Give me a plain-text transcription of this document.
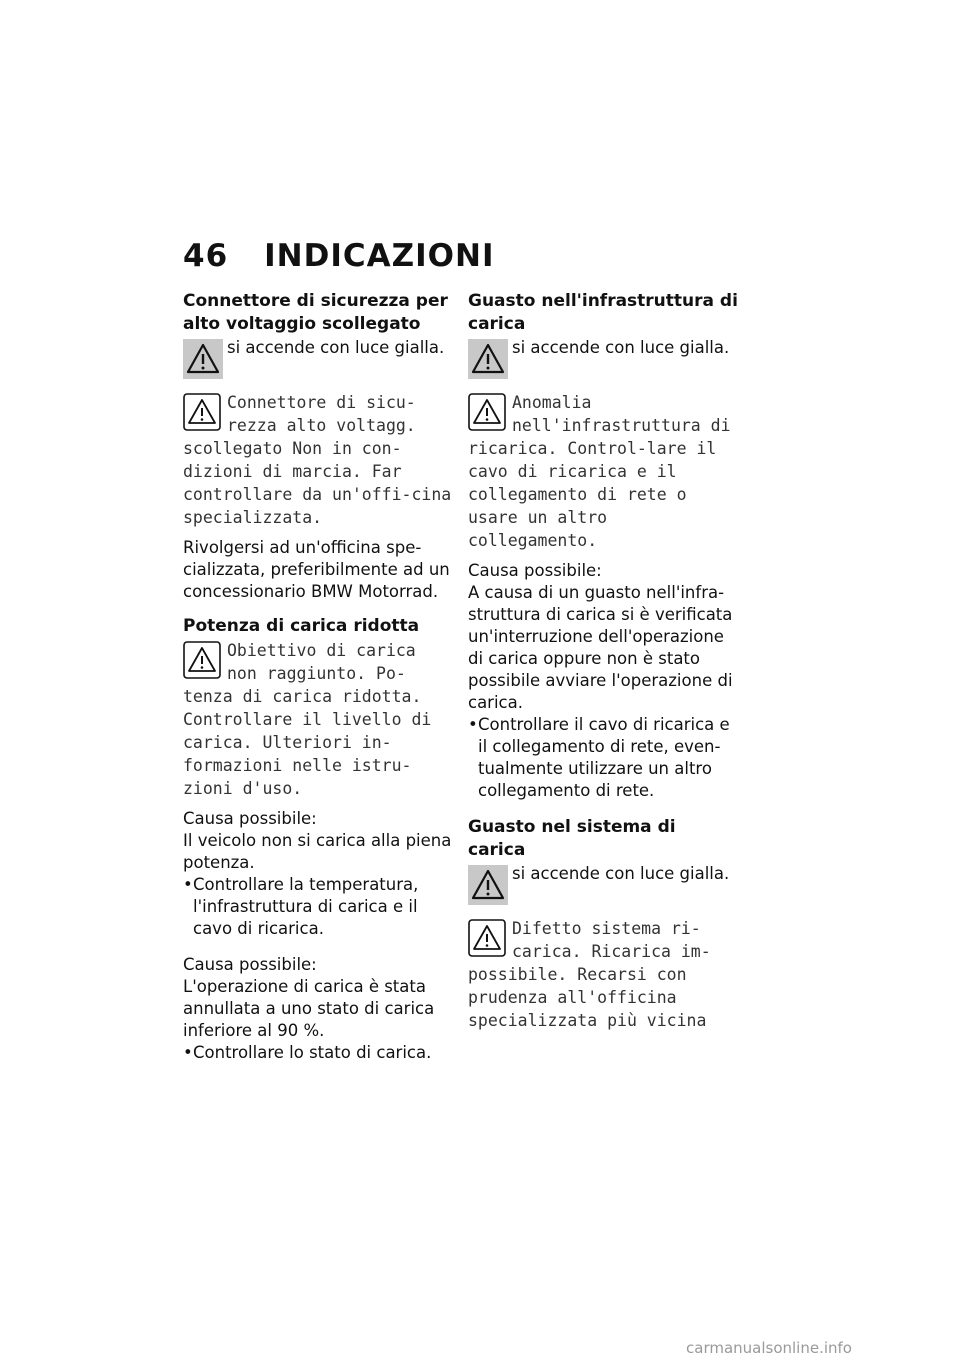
46 INDICAZIONI
Connettore di sicurezza per alto voltaggio scollegato
si accende con luce gialla.
Connettore di sicu-rezza alto voltagg. scollegato Non in con-dizioni di marcia. Far controllare da un'offi-cina specializzata.
Rivolgersi ad un'officina spe-cializzata, preferibilmente ad un concessionario BMW Motorrad.
Potenza di carica ridotta
Obiettivo di carica non raggiunto. Po-tenza di carica ridotta. Controllare il livello di carica. Ulteriori in-formazioni nelle istru-zioni d'uso.
Causa possibile:
Il veicolo non si carica alla piena potenza.
•Controllare la temperatura, l'infrastruttura di carica e il cavo di ricarica.
Causa possibile:
L'operazione di carica è stata annullata a uno stato di carica inferiore al 90 %.
•Controllare lo stato di carica.
Guasto nell'infrastruttura di carica
si accende con luce gialla.
Anomalia nell'infrastruttura di ricarica. Control-lare il cavo di ricarica e il collegamento di rete o usare un altro collegamento.
Causa possibile:
A causa di un guasto nell'infra-struttura di carica si è verificata un'interruzione dell'operazione di carica oppure non è stato possibile avviare l'operazione di carica.
•Controllare il cavo di ricarica e il collegamento di rete, even-tualmente utilizzare un altro collegamento di rete.
Guasto nel sistema di carica
si accende con luce gialla.
Difetto sistema ri-carica. Ricarica im-possibile. Recarsi con prudenza all'officina specializzata più vicina
carmanualsonline.info
